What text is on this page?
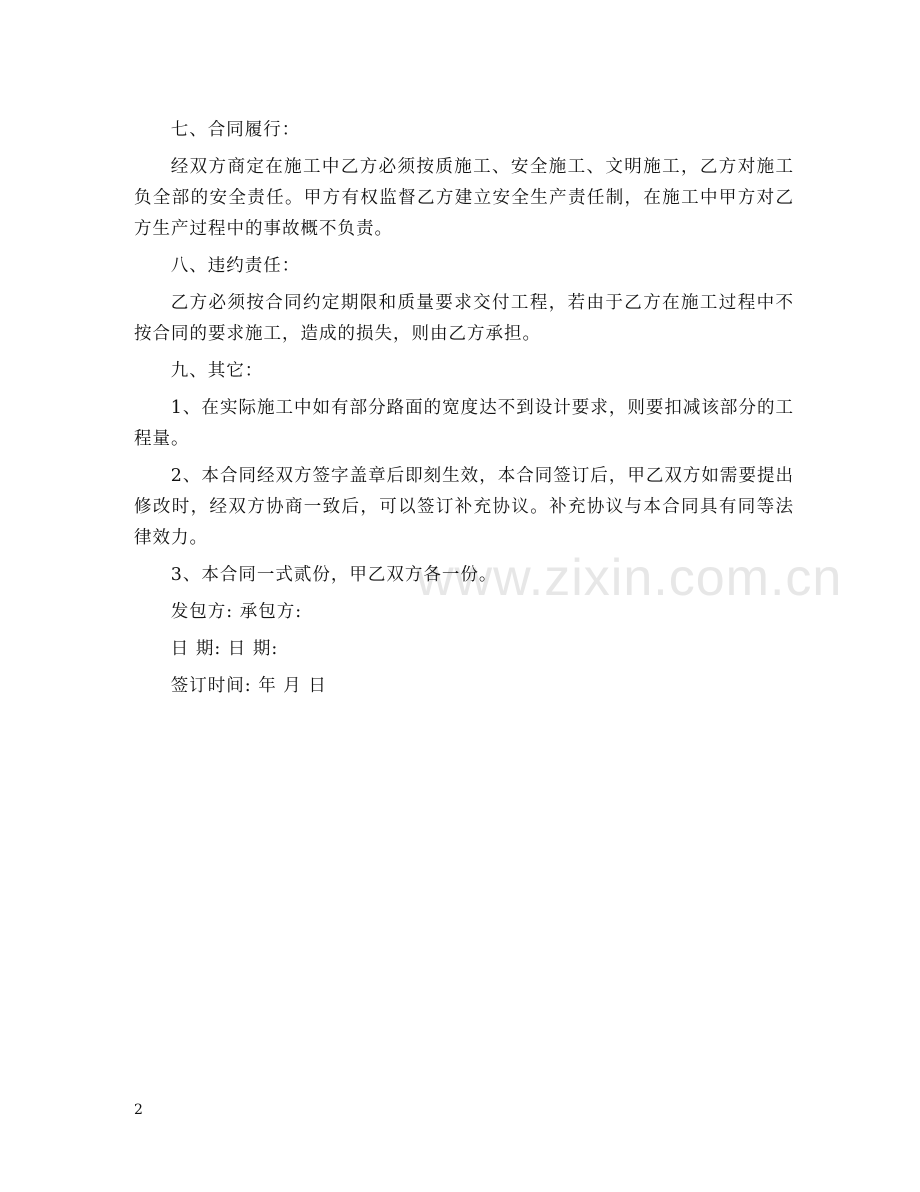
www.zixin.com.cn

七、合同履行：

经双方商定在施工中乙方必须按质施工、安全施工、文明施工，乙方对施工负全部的安全责任。甲方有权监督乙方建立安全生产责任制，在施工中甲方对乙方生产过程中的事故概不负责。

八、违约责任：

乙方必须按合同约定期限和质量要求交付工程，若由于乙方在施工过程中不按合同的要求施工，造成的损失，则由乙方承担。

九、其它：

1、在实际施工中如有部分路面的宽度达不到设计要求，则要扣减该部分的工程量。

2、本合同经双方签字盖章后即刻生效，本合同签订后，甲乙双方如需要提出修改时，经双方协商一致后，可以签订补充协议。补充协议与本合同具有同等法律效力。

3、本合同一式贰份，甲乙双方各一份。

发包方: 承包方:

日 期: 日 期:

签订时间: 年 月 日

2
